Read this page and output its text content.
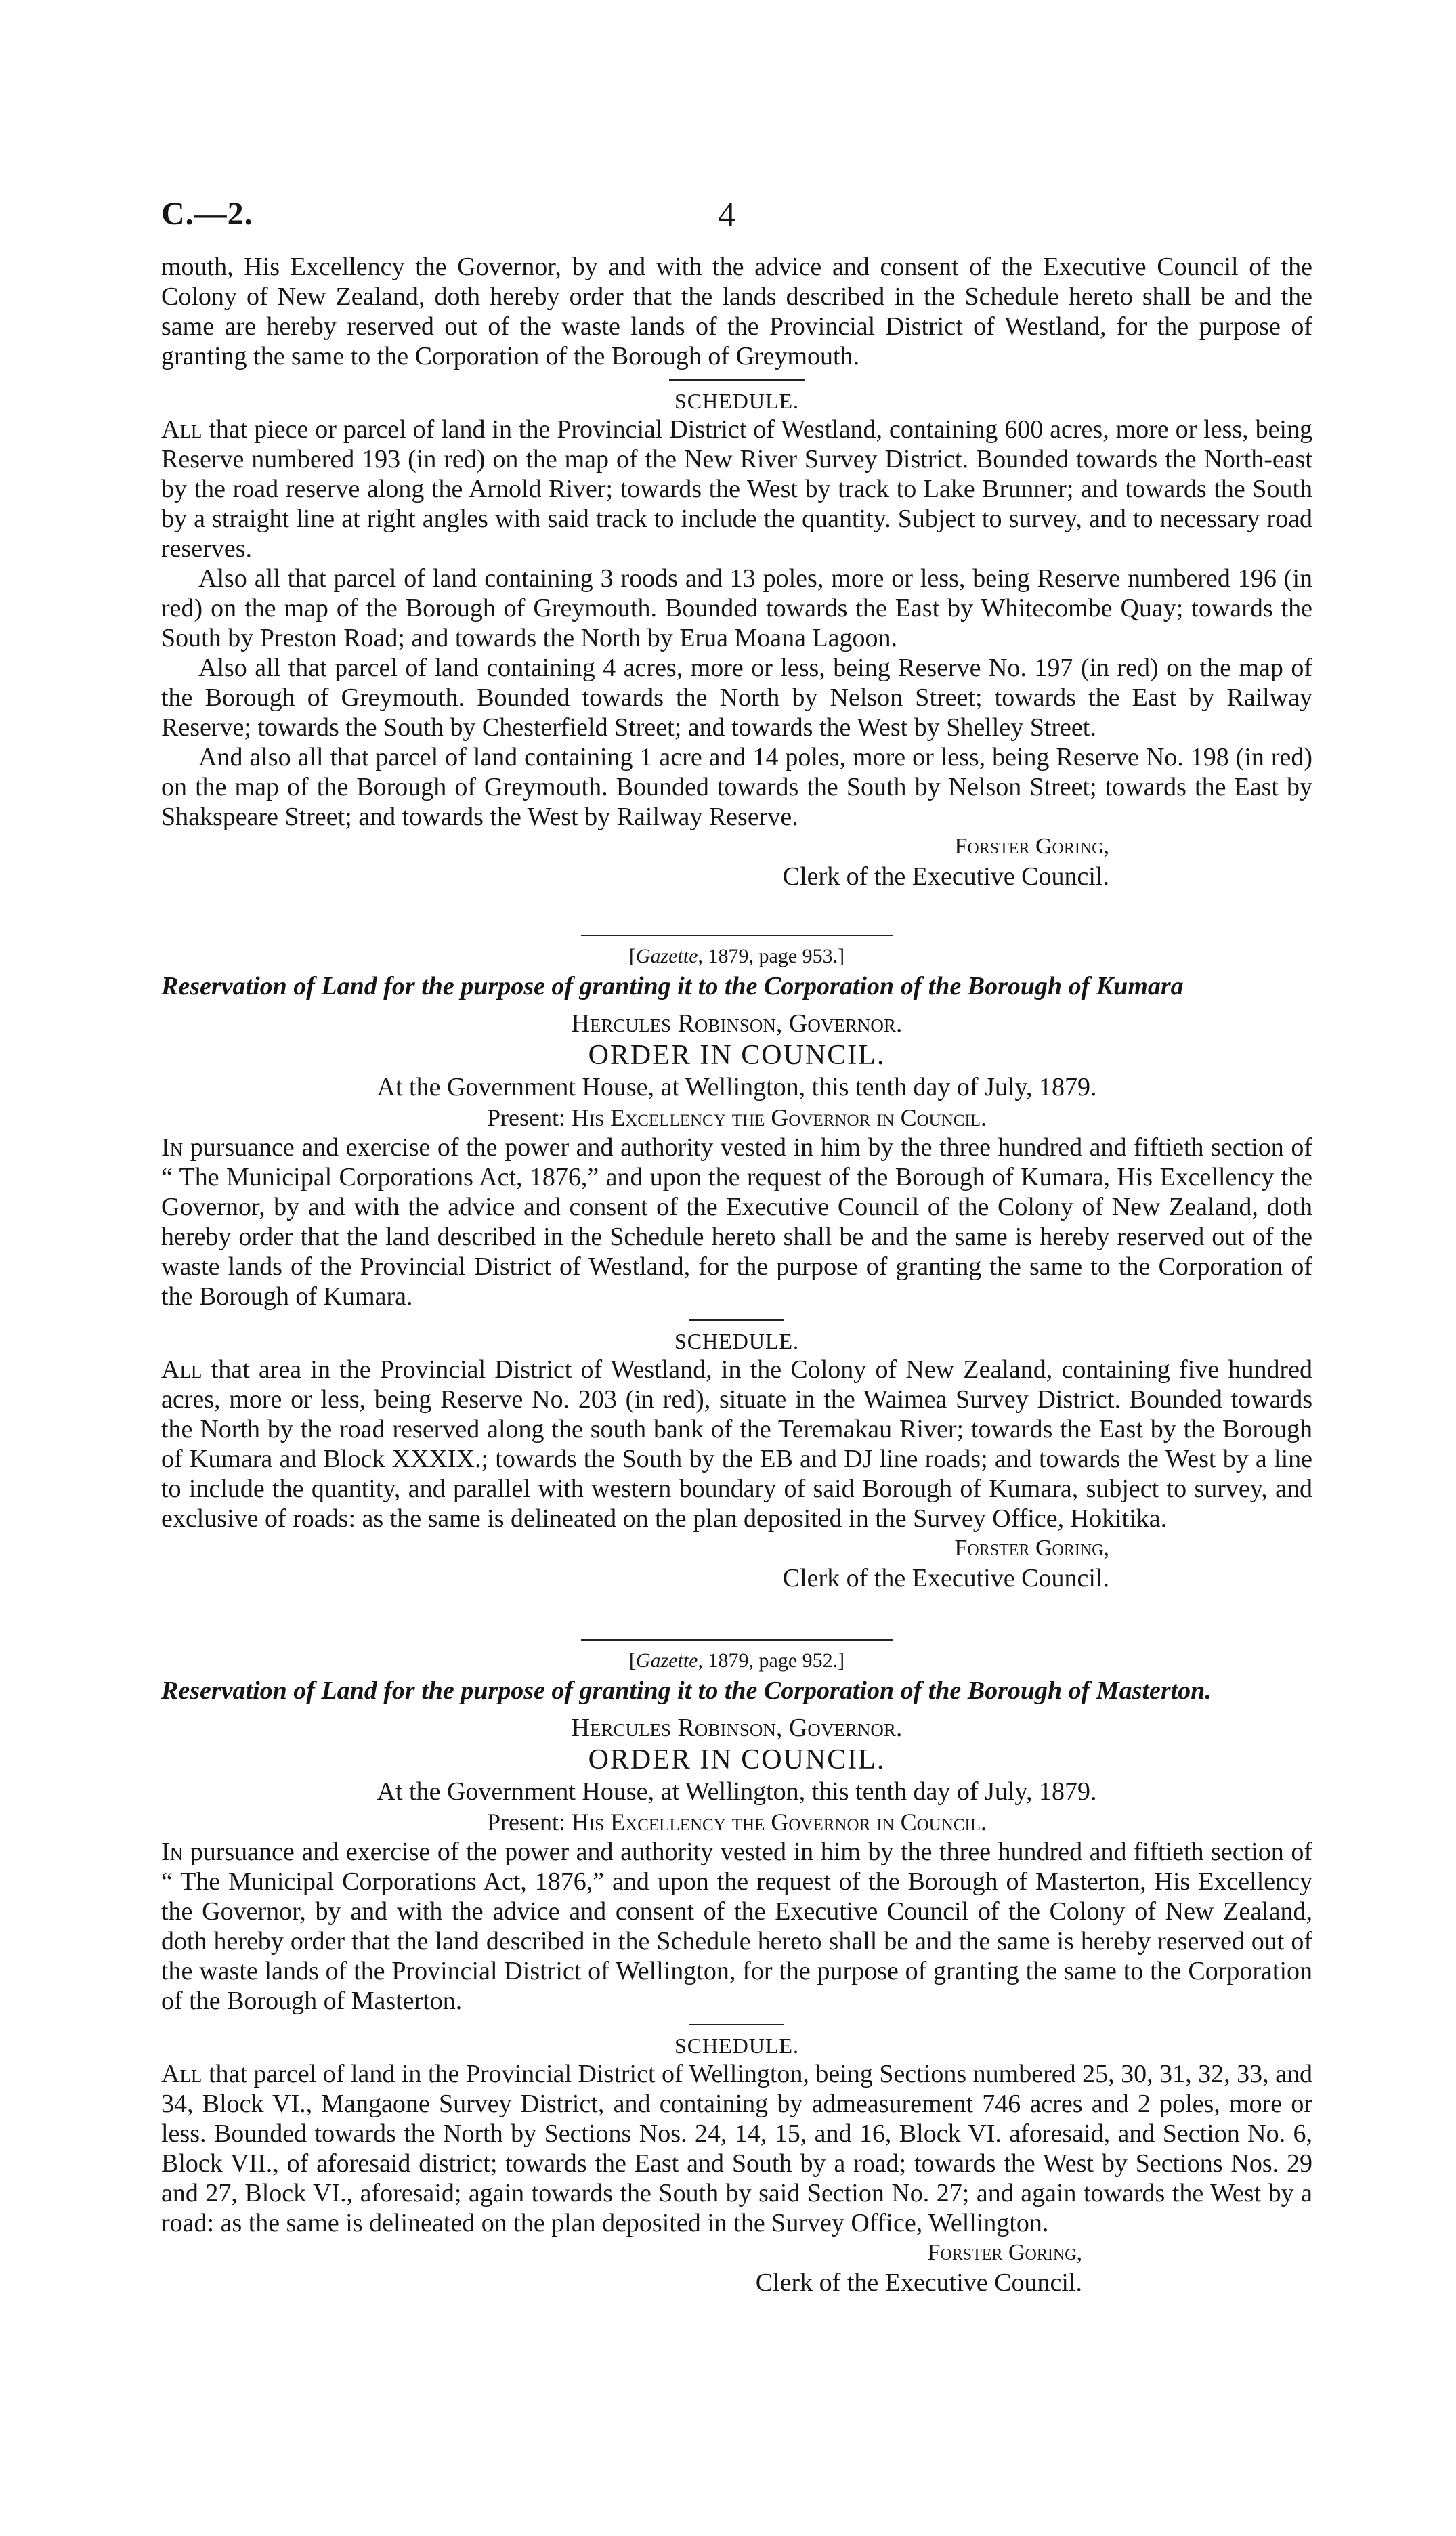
C.—2.	4

mouth, His Excellency the Governor, by and with the advice and consent of the Executive Council of the Colony of New Zealand, doth hereby order that the lands described in the Schedule hereto shall be and the same are hereby reserved out of the waste lands of the Provincial District of Westland, for the purpose of granting the same to the Corporation of the Borough of Greymouth.

SCHEDULE.

All that piece or parcel of land in the Provincial District of Westland, containing 600 acres, more or less, being Reserve numbered 193 (in red) on the map of the New River Survey District. Bounded towards the North-east by the road reserve along the Arnold River; towards the West by track to Lake Brunner; and towards the South by a straight line at right angles with said track to include the quantity. Subject to survey, and to necessary road reserves.

Also all that parcel of land containing 3 roods and 13 poles, more or less, being Reserve numbered 196 (in red) on the map of the Borough of Greymouth. Bounded towards the East by Whitecombe Quay; towards the South by Preston Road; and towards the North by Erua Moana Lagoon.

Also all that parcel of land containing 4 acres, more or less, being Reserve No. 197 (in red) on the map of the Borough of Greymouth. Bounded towards the North by Nelson Street; towards the East by Railway Reserve; towards the South by Chesterfield Street; and towards the West by Shelley Street.

And also all that parcel of land containing 1 acre and 14 poles, more or less, being Reserve No. 198 (in red) on the map of the Borough of Greymouth. Bounded towards the South by Nelson Street; towards the East by Shakspeare Street; and towards the West by Railway Reserve.

Forster Goring,
Clerk of the Executive Council.
[Gazette, 1879, page 953.]
Reservation of Land for the purpose of granting it to the Corporation of the Borough of Kumara
Hercules Robinson, Governor.
ORDER IN COUNCIL.
At the Government House, at Wellington, this tenth day of July, 1879.
Present: His Excellency the Governor in Council.

In pursuance and exercise of the power and authority vested in him by the three hundred and fiftieth section of “ The Municipal Corporations Act, 1876,” and upon the request of the Borough of Kumara, His Excellency the Governor, by and with the advice and consent of the Executive Council of the Colony of New Zealand, doth hereby order that the land described in the Schedule hereto shall be and the same is hereby reserved out of the waste lands of the Provincial District of Westland, for the purpose of granting the same to the Corporation of the Borough of Kumara.

SCHEDULE.

All that area in the Provincial District of Westland, in the Colony of New Zealand, containing five hundred acres, more or less, being Reserve No. 203 (in red), situate in the Waimea Survey District. Bounded towards the North by the road reserved along the south bank of the Teremakau River; towards the East by the Borough of Kumara and Block XXXIX.; towards the South by the EB and DJ line roads; and towards the West by a line to include the quantity, and parallel with western boundary of said Borough of Kumara, subject to survey, and exclusive of roads: as the same is delineated on the plan deposited in the Survey Office, Hokitika.

Forster Goring,
Clerk of the Executive Council.
[Gazette, 1879, page 952.]
Reservation of Land for the purpose of granting it to the Corporation of the Borough of Masterton.
Hercules Robinson, Governor.
ORDER IN COUNCIL.
At the Government House, at Wellington, this tenth day of July, 1879.
Present: His Excellency the Governor in Council.

In pursuance and exercise of the power and authority vested in him by the three hundred and fiftieth section of “ The Municipal Corporations Act, 1876,” and upon the request of the Borough of Masterton, His Excellency the Governor, by and with the advice and consent of the Executive Council of the Colony of New Zealand, doth hereby order that the land described in the Schedule hereto shall be and the same is hereby reserved out of the waste lands of the Provincial District of Wellington, for the purpose of granting the same to the Corporation of the Borough of Masterton.

SCHEDULE.

All that parcel of land in the Provincial District of Wellington, being Sections numbered 25, 30, 31, 32, 33, and 34, Block VI., Mangaone Survey District, and containing by admeasurement 746 acres and 2 poles, more or less. Bounded towards the North by Sections Nos. 24, 14, 15, and 16, Block VI. aforesaid, and Section No. 6, Block VII., of aforesaid district; towards the East and South by a road; towards the West by Sections Nos. 29 and 27, Block VI., aforesaid; again towards the South by said Section No. 27; and again towards the West by a road: as the same is delineated on the plan deposited in the Survey Office, Wellington.

Forster Goring,
Clerk of the Executive Council.
